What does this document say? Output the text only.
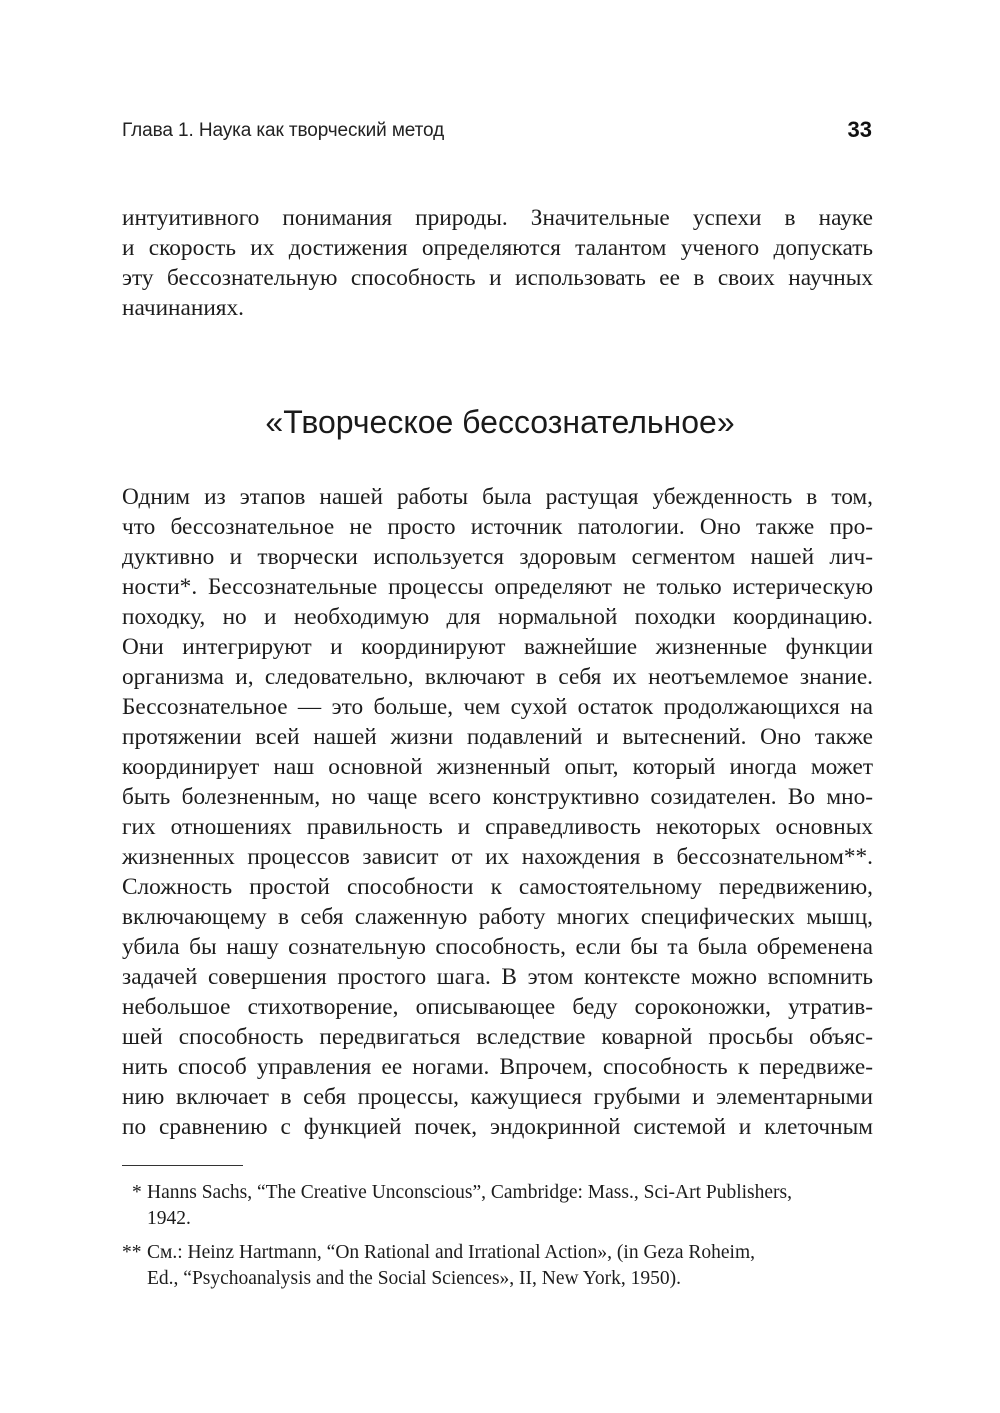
Глава 1. Наука как творческий метод	33
интуитивного понимания природы. Значительные успехи в науке
и скорость их достижения определяются талантом ученого допускать
эту бессознательную способность и использовать ее в своих научных
начинаниях.
«Творческое бессознательное»
Одним из этапов нашей работы была растущая убежденность в том,
что бессознательное не просто источник патологии. Оно также про-
дуктивно и творчески используется здоровым сегментом нашей лич-
ности*. Бессознательные процессы определяют не только истерическую
походку, но и необходимую для нормальной походки координацию.
Они интегрируют и координируют важнейшие жизненные функции
организма и, следовательно, включают в себя их неотъемлемое знание.
Бессознательное — это больше, чем сухой остаток продолжающихся на
протяжении всей нашей жизни подавлений и вытеснений. Оно также
координирует наш основной жизненный опыт, который иногда может
быть болезненным, но чаще всего конструктивно созидателен. Во мно-
гих отношениях правильность и справедливость некоторых основных
жизненных процессов зависит от их нахождения в бессознательном**.
Сложность простой способности к самостоятельному передвижению,
включающему в себя слаженную работу многих специфических мышц,
убила бы нашу сознательную способность, если бы та была обременена
задачей совершения простого шага. В этом контексте можно вспомнить
небольшое стихотворение, описывающее беду сороконожки, утратив-
шей способность передвигаться вследствие коварной просьбы объяс-
нить способ управления ее ногами. Впрочем, способность к передвиже-
нию включает в себя процессы, кажущиеся грубыми и элементарными
по сравнению с функцией почек, эндокринной системой и клеточным
* Hanns Sachs, “The Creative Unconscious”, Cambridge: Mass., Sci-Art Publishers,
1942.
** См.: Heinz Hartmann, “On Rational and Irrational Action», (in Geza Roheim,
Ed., “Psychoanalysis and the Social Sciences», II, New York, 1950).
